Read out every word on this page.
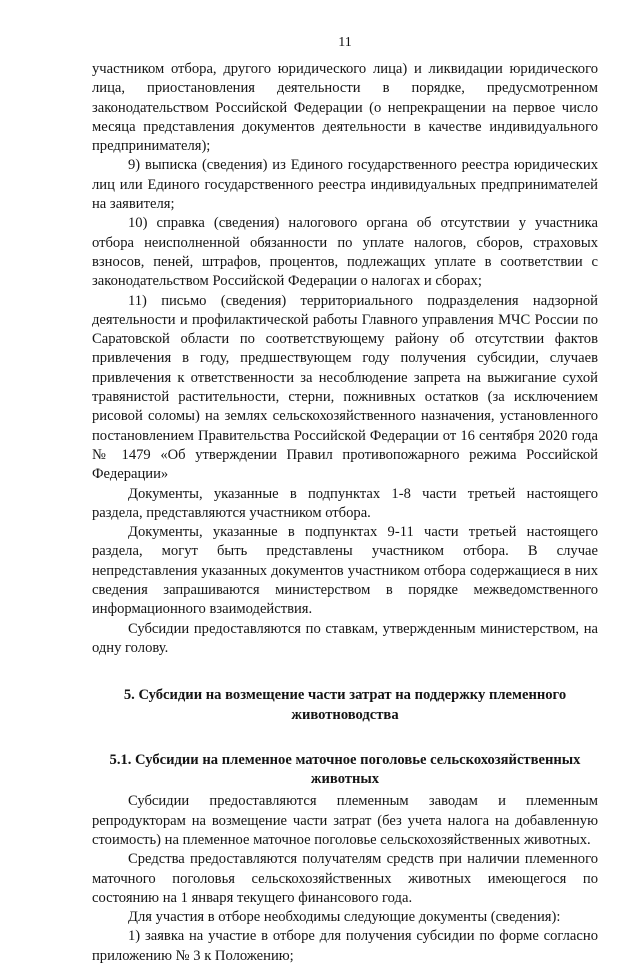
11

участником отбора, другого юридического лица) и ликвидации юридического лица, приостановления деятельности в порядке, предусмотренном законодательством Российской Федерации (о непрекращении на первое число месяца представления документов деятельности в качестве индивидуального предпринимателя);

9) выписка (сведения) из Единого государственного реестра юридических лиц или Единого государственного реестра индивидуальных предпринимателей на заявителя;

10) справка (сведения) налогового органа об отсутствии у участника отбора неисполненной обязанности по уплате налогов, сборов, страховых взносов, пеней, штрафов, процентов, подлежащих уплате в соответствии с законодательством Российской Федерации о налогах и сборах;

11) письмо (сведения) территориального подразделения надзорной деятельности и профилактической работы Главного управления МЧС России по Саратовской области по соответствующему району об отсутствии фактов привлечения в году, предшествующем году получения субсидии, случаев привлечения к ответственности за несоблюдение запрета на выжигание сухой травянистой растительности, стерни, пожнивных остатков (за исключением рисовой соломы) на землях сельскохозяйственного назначения, установленного постановлением Правительства Российской Федерации от 16 сентября 2020 года № 1479 «Об утверждении Правил противопожарного режима Российской Федерации»

Документы, указанные в подпунктах 1-8 части третьей настоящего раздела, представляются участником отбора.

Документы, указанные в подпунктах 9-11 части третьей настоящего раздела, могут быть представлены участником отбора. В случае непредставления указанных документов участником отбора содержащиеся в них сведения запрашиваются министерством в порядке межведомственного информационного взаимодействия.

Субсидии предоставляются по ставкам, утвержденным министерством, на одну голову.

5. Субсидии на возмещение части затрат на поддержку племенного животноводства
5.1. Субсидии на племенное маточное поголовье сельскохозяйственных животных

Субсидии предоставляются племенным заводам и племенным репродукторам на возмещение части затрат (без учета налога на добавленную стоимость) на племенное маточное поголовье сельскохозяйственных животных.

Средства предоставляются получателям средств при наличии племенного маточного поголовья сельскохозяйственных животных имеющегося по состоянию на 1 января текущего финансового года.

Для участия в отборе необходимы следующие документы (сведения):

1) заявка на участие в отборе для получения субсидии по форме согласно приложению № 3 к Положению;
